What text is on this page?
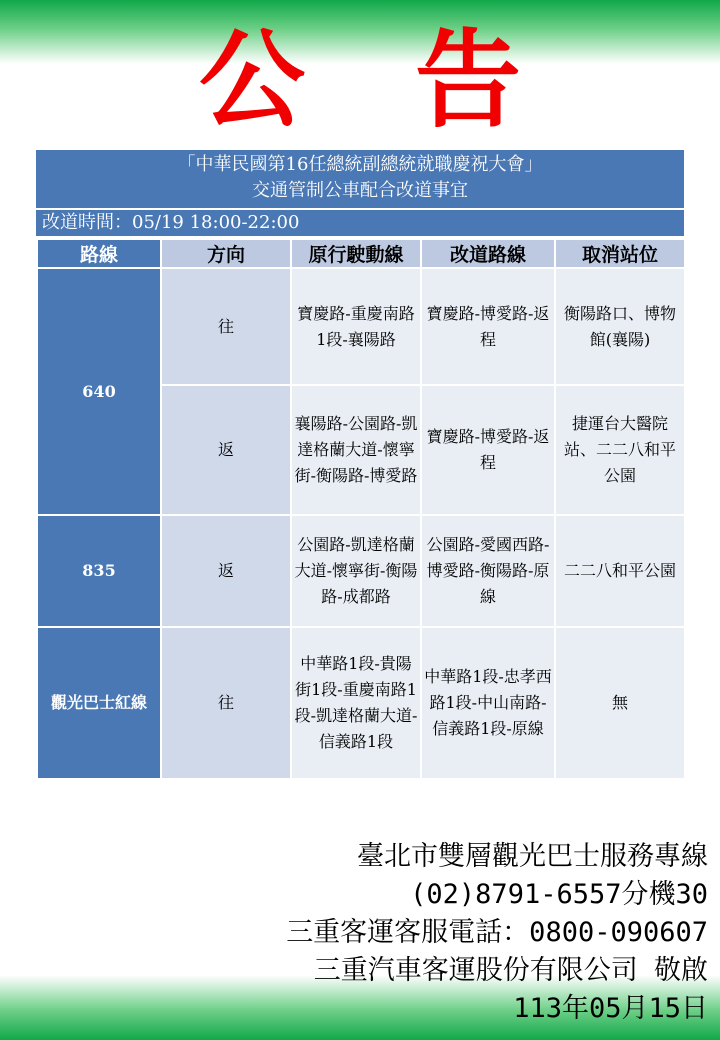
公告
「中華民國第16任總統副總統就職慶祝大會」
交通管制公車配合改道事宜
改道時間：05/19 18:00-22:00
路線	方向	原行駛動線	改道路線	取消站位
640	往	寶慶路-重慶南路1段-襄陽路	寶慶路-博愛路-返程	衡陽路口、博物館(襄陽)
	返	襄陽路-公園路-凱達格蘭大道-懷寧街-衡陽路-博愛路	寶慶路-博愛路-返程	捷運台大醫院站、二二八和平公園
835	返	公園路-凱達格蘭大道-懷寧街-衡陽路-成都路	公園路-愛國西路-博愛路-衡陽路-原線	二二八和平公園
觀光巴士紅線	往	中華路1段-貴陽街1段-重慶南路1段-凱達格蘭大道-信義路1段	中華路1段-忠孝西路1段-中山南路-信義路1段-原線	無
臺北市雙層觀光巴士服務專線
(02)8791-6557分機30
三重客運客服電話：0800-090607
三重汽車客運股份有限公司 敬啟
113年05月15日
